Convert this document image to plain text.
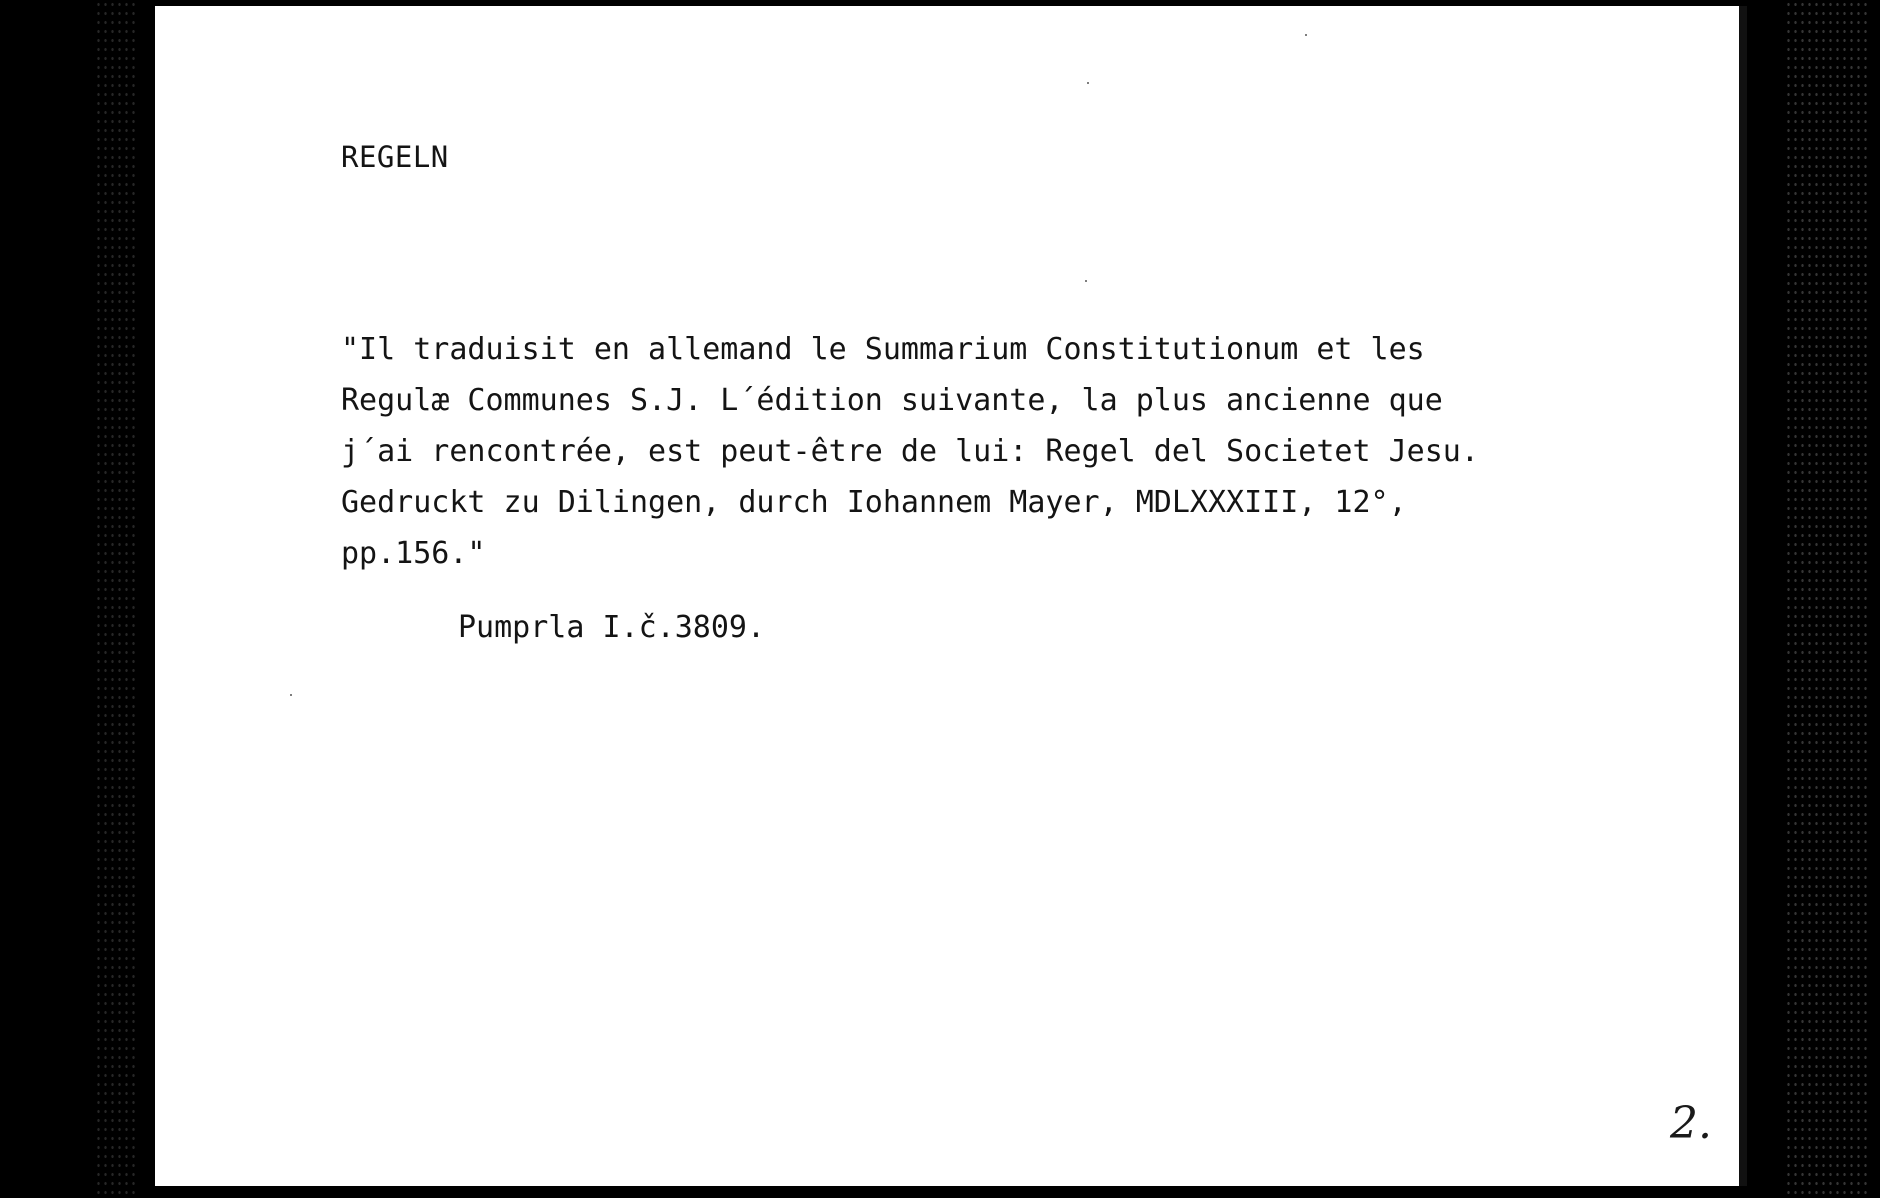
REGELN

"Il traduisit en allemand le Summarium Constitutionum et les
Regulæ Communes S.J. L´édition suivante, la plus ancienne que
j´ai rencontrée, est peut-être de lui: Regel del Societet Jesu.
Gedruckt zu Dilingen, durch Iohannem Mayer, MDLXXXIII, 12°,
pp.156."

Pumprla I.č.3809.
2.
